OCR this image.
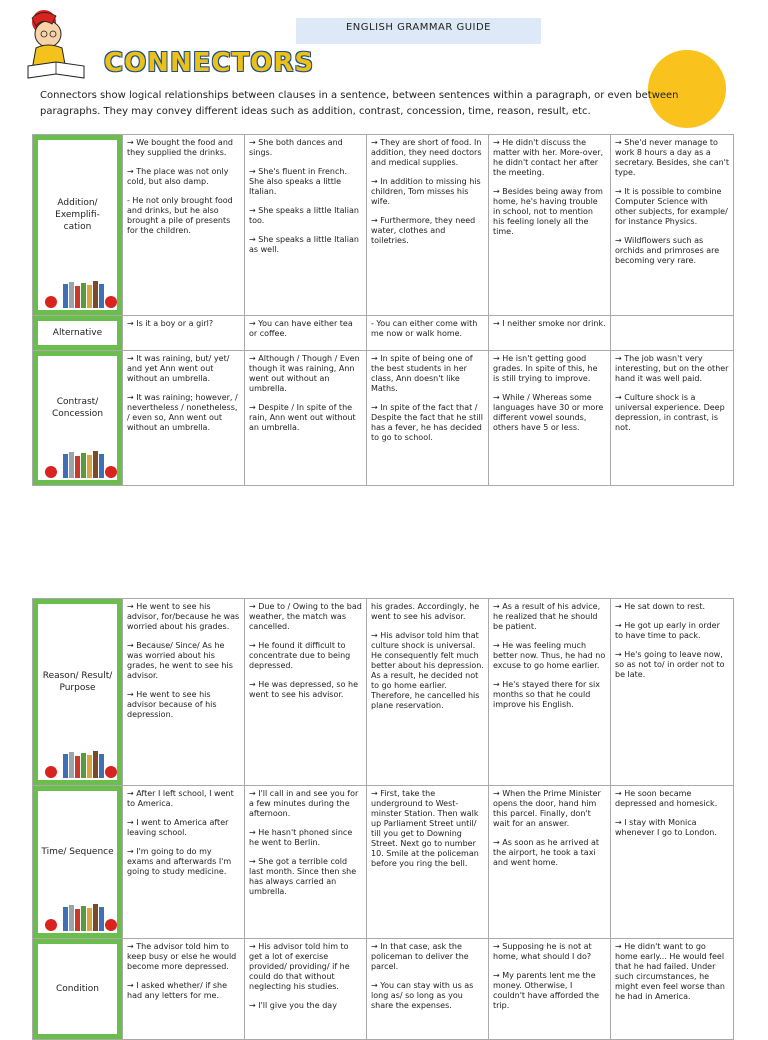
ENGLISH GRAMMAR GUIDE
CONNECTORS
Connectors show logical relationships between clauses in a sentence, between sentences within a paragraph, or even between paragraphs. They may convey different ideas such as addition, contrast, concession, time, reason, result, etc.
Addition/ Exemplifi- cation

→ We bought the food and they supplied the drinks.

→ The place was not only cold, but also damp.

- He not only brought food and drinks, but he also brought a pile of presents for the children.

→ She both dances and sings.

→ She's fluent in French. She also speaks a little Italian.

→ She speaks a little Italian too.

→ She speaks a little Italian as well.

→ They are short of food. In addition, they need doctors and medical supplies.

→ In addition to missing his children, Tom misses his wife.

→ Furthermore, they need water, clothes and toiletries.

→ He didn't discuss the matter with her. More-over, he didn't contact her after the meeting.

→ Besides being away from home, he's having trouble in school, not to mention his feeling lonely all the time.

→ She'd never manage to work 8 hours a day as a secretary. Besides, she can't type.

→ It is possible to combine Computer Science with other subjects, for example/ for instance Physics.

→ Wildflowers such as orchids and primroses are becoming very rare.

Alternative

→ Is it a boy or a girl?	→ You can have either tea or coffee.

- You can either come with me now or walk home.

→ I neither smoke nor drink.

Contrast/ Concession

→ It was raining, but/ yet/ and yet Ann went out without an umbrella.

→ It was raining; however, / nevertheless / nonetheless, / even so, Ann went out without an umbrella.

→ Although / Though / Even though it was raining, Ann went out without an umbrella.

→ Despite / In spite of the rain, Ann went out without an umbrella.

→ In spite of being one of the best students in her class, Ann doesn't like Maths.

→ In spite of the fact that / Despite the fact that he still has a fever, he has decided to go to school.

→ He isn't getting good grades. In spite of this, he is still trying to improve.

→ While / Whereas some languages have 30 or more different vowel sounds, others have 5 or less.

→ The job wasn't very interesting, but on the other hand it was well paid.

→ Culture shock is a universal experience. Deep depression, in contrast, is not.

Reason/ Result/ Purpose

→ He went to see his advisor, for/because he was worried about his grades.

→ Because/ Since/ As he was worried about his grades, he went to see his advisor.

→ He went to see his advisor because of his depression.

→ Due to / Owing to the bad weather, the match was cancelled.

→ He found it difficult to concentrate due to being depressed.

→ He was depressed, so he went to see his advisor.

his grades. Accordingly, he went to see his advisor.

→ His advisor told him that culture shock is universal. He consequently felt much better about his depression. As a result, he decided not to go home earlier. Therefore, he cancelled his plane reservation.

→ As a result of his advice, he realized that he should be patient.

→ He was feeling much better now. Thus, he had no excuse to go home earlier.

→ He's stayed there for six months so that he could improve his English.

→ He sat down to rest.

→ He got up early in order to have time to pack.

→ He's going to leave now, so as not to/ in order not to be late.

Time/ Sequence

→ After I left school, I went to America.

→ I went to America after leaving school.

→ I'm going to do my exams and afterwards I'm going to study medicine.

→ I'll call in and see you for a few minutes during the afternoon.

→ He hasn't phoned since he went to Berlin.

→ She got a terrible cold last month. Since then she has always carried an umbrella.

→ First, take the underground to West-minster Station. Then walk up Parliament Street until/ till you get to Downing Street. Next go to number 10. Smile at the policeman before you ring the bell.

→ When the Prime Minister opens the door, hand him this parcel. Finally, don't wait for an answer.

→ As soon as he arrived at the airport, he took a taxi and went home.

→ He soon became depressed and homesick.

→ I stay with Monica whenever I go to London.

Condition

→ The advisor told him to keep busy or else he would become more depressed.

→ I asked whether/ if she had any letters for me.

→ His advisor told him to get a lot of exercise provided/ providing/ if he could do that without neglecting his studies.

→ I'll give you the day

→ In that case, ask the policeman to deliver the parcel.

→ You can stay with us as long as/ so long as you share the expenses.

→ Supposing he is not at home, what should I do?

→ My parents lent me the money. Otherwise, I couldn't have afforded the trip.

→ He didn't want to go home early... He would feel that he had failed. Under such circumstances, he might even feel worse than he had in America.
